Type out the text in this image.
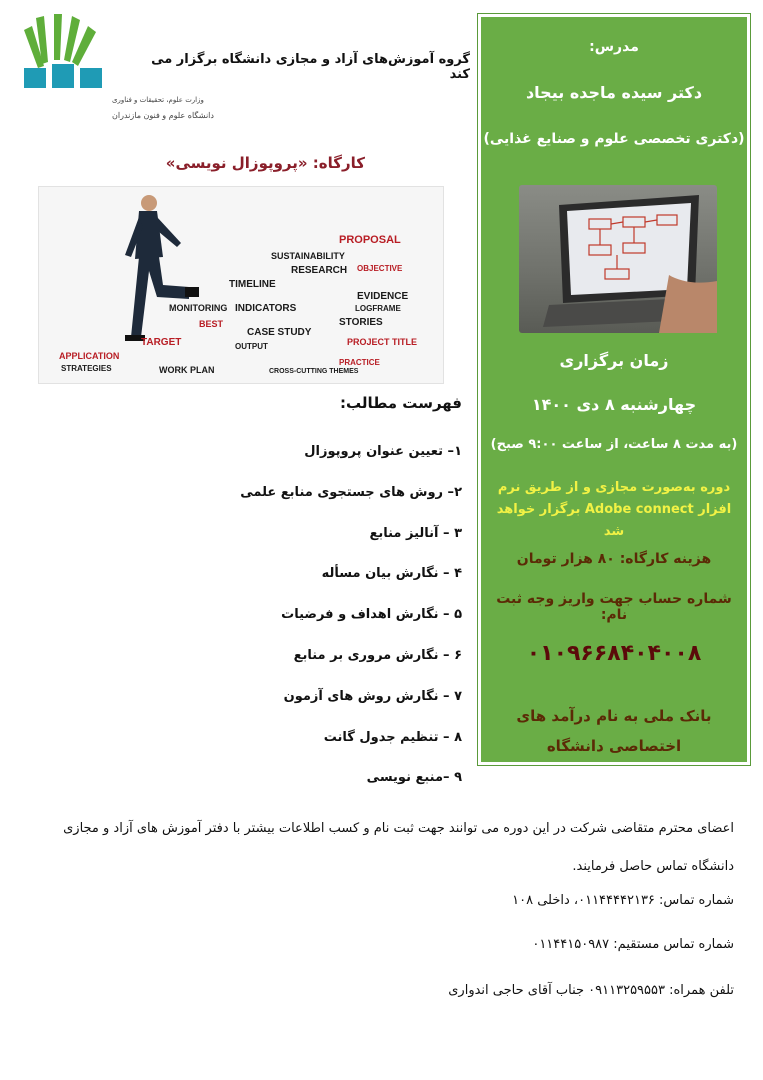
وزارت علوم، تحقیقات و فناوری
دانشگاه علوم و فنون مازندران
گروه آموزش‌های آزاد و مجازی دانشگاه برگزار می کند
کارگاه: «پروپوزال نویسی»
PROPOSAL
PROJECT TITLE
APPLICATION
TARGET
OBJECTIVE
BEST
PRACTICE
SUSTAINABILITY
RESEARCH
TIMELINE
INDICATORS
EVIDENCE
CASE STUDY
MONITORING
STORIES
STRATEGIES	WORK PLAN	CROSS-CUTTING THEMES
OUTPUT
LOGFRAME
فهرست مطالب:
۱– تعیین عنوان پروپوزال
۲– روش های جستجوی منابع علمی
۳ – آنالیز منابع
۴ – نگارش بیان مسأله
۵ – نگارش اهداف و فرضیات
۶ – نگارش مروری بر منابع
۷ – نگارش روش های آزمون
۸ – تنظیم جدول گانت
۹ –منبع نویسی
مدرس:
دکتر سیده ماجده بیجاد
(دکتری تخصصی علوم و صنایع غذایی)
زمان برگزاری
چهارشنبه ۸ دی ۱۴۰۰
(به مدت ۸ ساعت، از ساعت ۹:۰۰ صبح)
دوره به‌صورت مجازی و از طریق نرم افزار Adobe connect برگزار خواهد شد
هزینه کارگاه: ۸۰ هزار تومان
شماره حساب جهت واریز وجه ثبت نام:
۰۱۰۹۶۶۸۴۰۴۰۰۸
بانک ملی به نام درآمد های اختصاصی دانشگاه
اعضای محترم متقاضی شرکت در این دوره می توانند جهت ثبت نام و کسب اطلاعات بیشتر با دفتر آموزش های آزاد و مجازی دانشگاه تماس حاصل فرمایند.
شماره تماس: ۰۱۱۴۴۴۴۲۱۳۶، داخلی ۱۰۸
شماره تماس مستقیم: ۰۱۱۴۴۱۵۰۹۸۷
تلفن همراه: ۰۹۱۱۳۲۵۹۵۵۳ جناب آقای حاجی اندواری
